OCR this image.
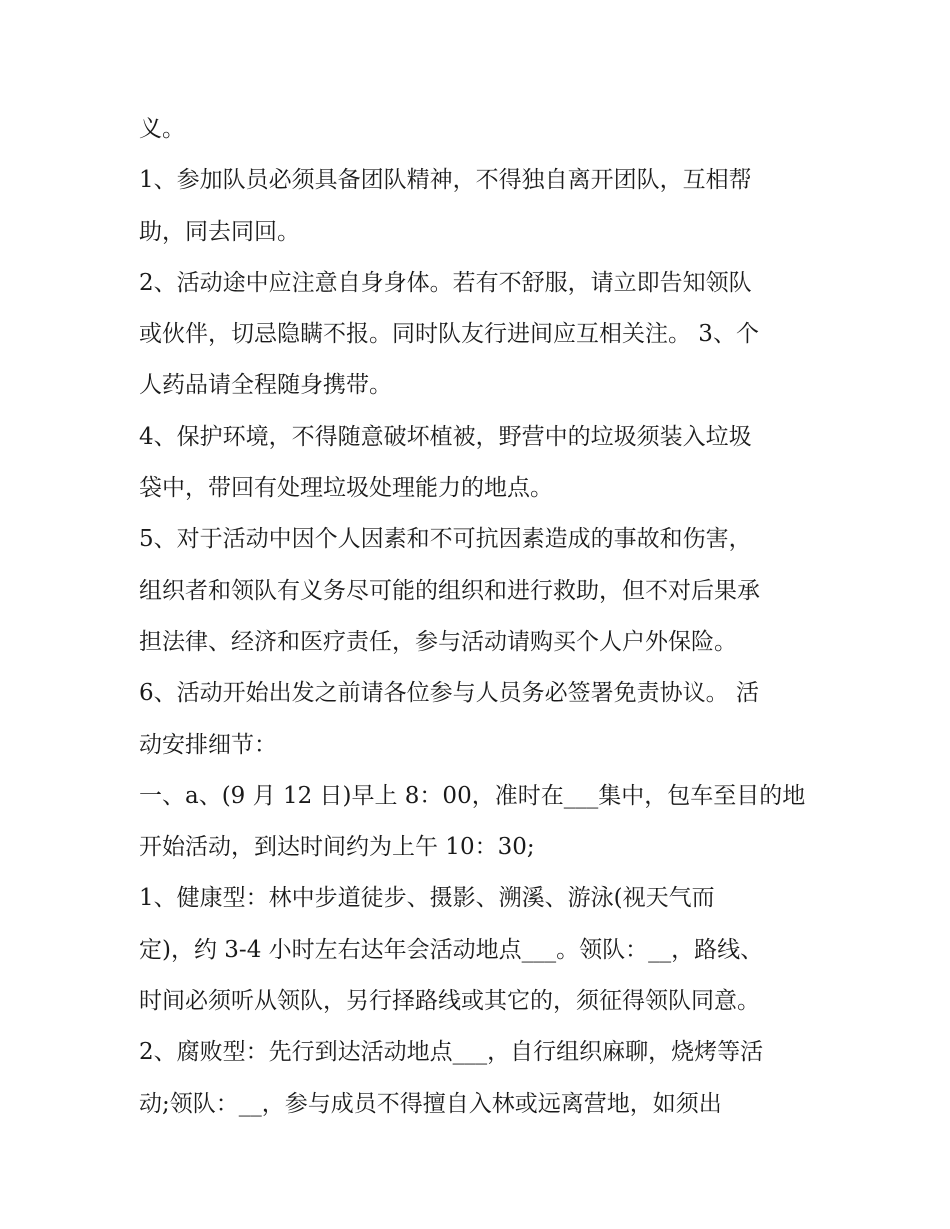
义。
1、参加队员必须具备团队精神，不得独自离开团队，互相帮
助，同去同回。
2、活动途中应注意自身身体。若有不舒服，请立即告知领队
或伙伴，切忌隐瞒不报。同时队友行进间应互相关注。 3、个
人药品请全程随身携带。
4、保护环境，不得随意破坏植被，野营中的垃圾须装入垃圾
袋中，带回有处理垃圾处理能力的地点。
5、对于活动中因个人因素和不可抗因素造成的事故和伤害，
组织者和领队有义务尽可能的组织和进行救助，但不对后果承
担法律、经济和医疗责任，参与活动请购买个人户外保险。
6、活动开始出发之前请各位参与人员务必签署免责协议。 活
动安排细节：
一、a、(9 月 12 日)早上 8：00，准时在___集中，包车至目的地
开始活动，到达时间约为上午 10：30;
1、健康型：林中步道徒步、摄影、溯溪、游泳(视天气而
定)，约 3-4 小时左右达年会活动地点___。领队：__，路线、
时间必须听从领队，另行择路线或其它的，须征得领队同意。
2、腐败型：先行到达活动地点___，自行组织麻聊，烧烤等活
动;领队：__，参与成员不得擅自入林或远离营地，如须出
